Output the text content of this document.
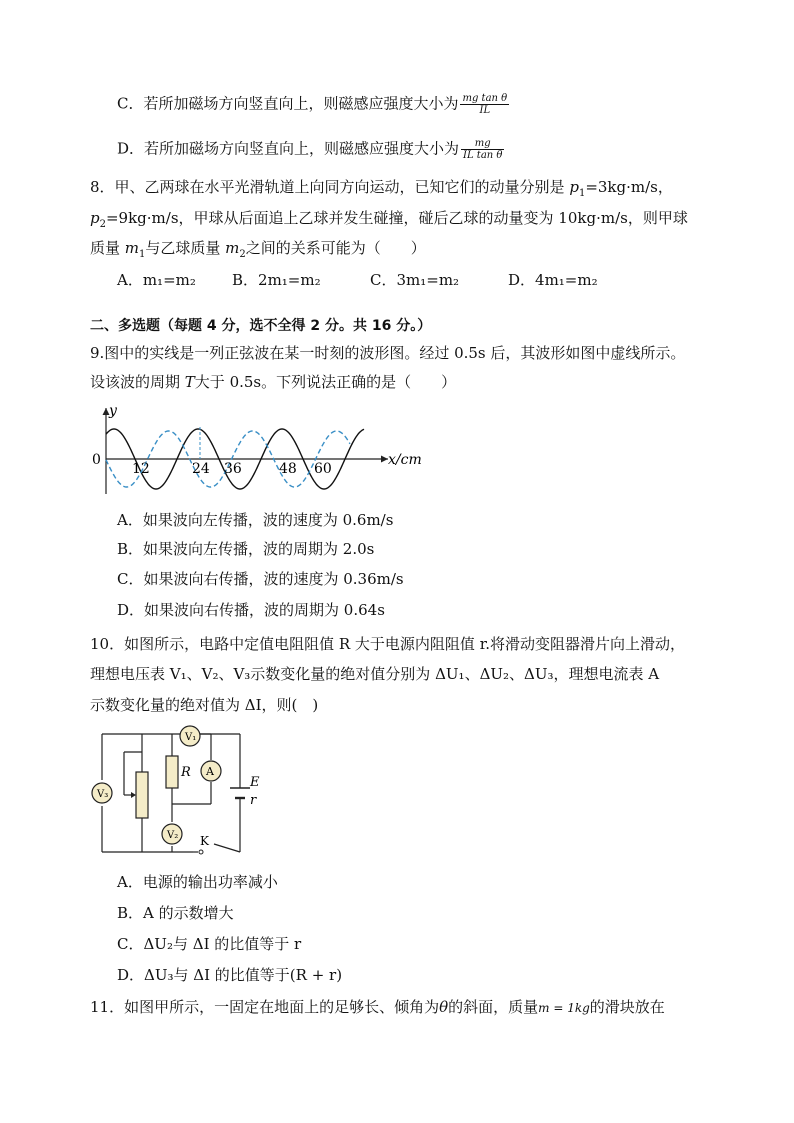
C．若所加磁场方向竖直向上，则磁感应强度大小为 $\frac{\text{mg tan θ}}{IL}$
D．若所加磁场方向竖直向上，则磁感应强度大小为 $\frac{mg}{\text{IL tan θ}}$
8．甲、乙两球在水平光滑轨道上向同方向运动，已知它们的动量分别是 $p_1=3kg\cdot m/s$，
$p_2=9kg\cdot m/s$，甲球从后面追上乙球并发生碰撞，碰后乙球的动量变为 10kg·m/s，则甲球
质量 $m_1$与乙球质量 $m_2$之间的关系可能为（　　）
A．m₁=m₂ B．2m₁=m₂	C．3m₁=m₂	D．4m₁=m₂
二、多选题（每题 4 分，选不全得 2 分。共 16 分。）
9.图中的实线是一列正弦波在某一时刻的波形图。经过 0.5s 后，其波形如图中虚线所示。
设该波的周期 T大于 0.5s。下列说法正确的是（　　）
y
x/cm
0
12	24 36	48 60
A．如果波向左传播，波的速度为 0.6m/s
B．如果波向左传播，波的周期为 2.0s
C．如果波向右传播，波的速度为 0.36m/s
D．如果波向右传播，波的周期为 0.64s
10．如图所示，电路中定值电阻阻值 R 大于电源内阻阻值 r.将滑动变阻器滑片向上滑动，
理想电压表 V₁、V₂、V₃示数变化量的绝对值分别为 ΔU₁、ΔU₂、ΔU₃，理想电流表 A
示数变化量的绝对值为 ΔI，则(　)
V₁
A
V₂
V₃
R
E
r
K
A．电源的输出功率减小
B．A 的示数增大
C．ΔU₂与 ΔI 的比值等于 r
D．ΔU₃与 ΔI 的比值等于(R + r)
11．如图甲所示，一固定在地面上的足够长、倾角为θ的斜面，质量m = 1kg的滑块放在
